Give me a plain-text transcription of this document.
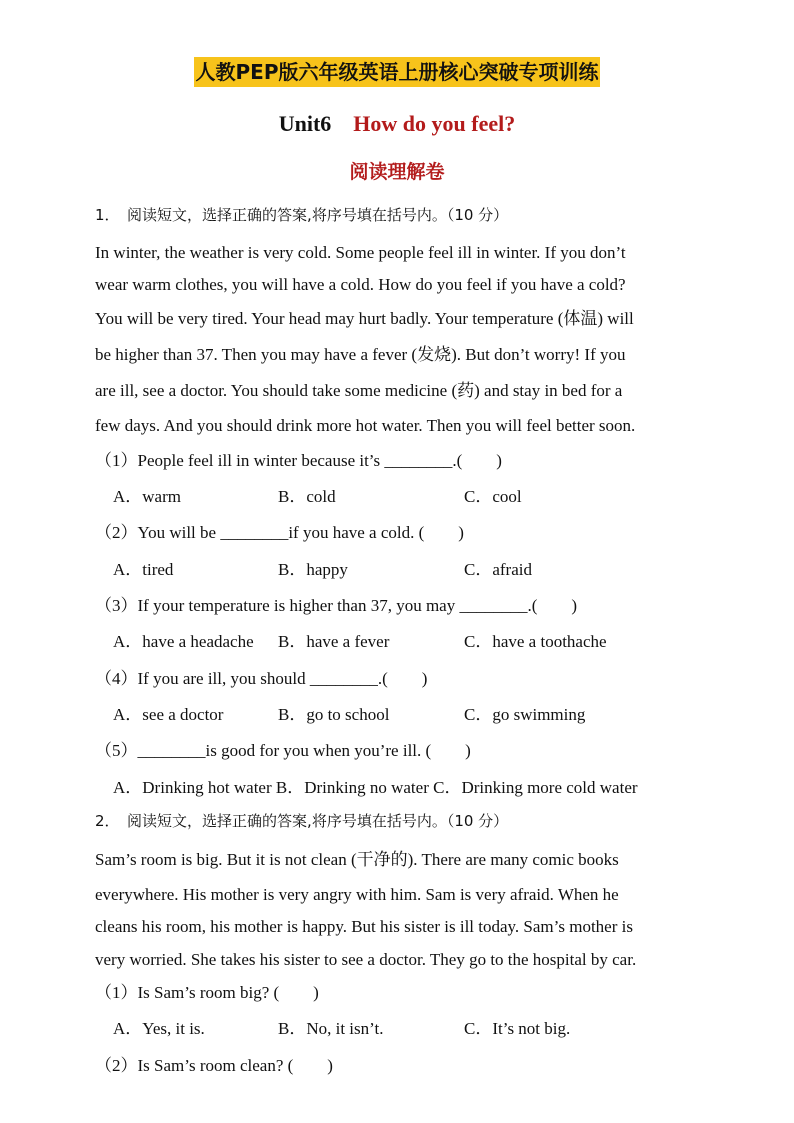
人教PEP版六年级英语上册核心突破专项训练
Unit6 How do you feel?
阅读理解卷
1．　阅读短文，选择正确的答案,将序号填在括号内。（10 分）
In winter, the weather is very cold. Some people feel ill in winter. If you don’t
wear warm clothes, you will have a cold. How do you feel if you have a cold?
You will be very tired. Your head may hurt badly. Your temperature (体温) will
be higher than 37. Then you may have a fever (发烧). But don’t worry! If you
are ill, see a doctor. You should take some medicine (药) and stay in bed for a
few days. And you should drink more hot water. Then you will feel better soon.
（1）People feel ill in winter because it’s ________.(　　)
A．warm	B．cold	C．cool
（2）You will be ________if you have a cold. (　　)
A．tired	B．happy	C．afraid
（3）If your temperature is higher than 37, you may ________.(　　)
A．have a headache B．have a fever	C．have a toothache
（4）If you are ill, you should ________.(　　)
A．see a doctor	B．go to school	C．go swimming
（5）________is good for you when you’re ill. (　　)
A．Drinking hot water B．Drinking no water C．Drinking more cold water
2．　阅读短文，选择正确的答案,将序号填在括号内。（10 分）
Sam’s room is big. But it is not clean (干净的). There are many comic books
everywhere. His mother is very angry with him. Sam is very afraid. When he
cleans his room, his mother is happy. But his sister is ill today. Sam’s mother is
very worried. She takes his sister to see a doctor. They go to the hospital by car.
（1）Is Sam’s room big? (　　)
A．Yes, it is.	B．No, it isn’t.	C．It’s not big.
（2）Is Sam’s room clean? (　　)
